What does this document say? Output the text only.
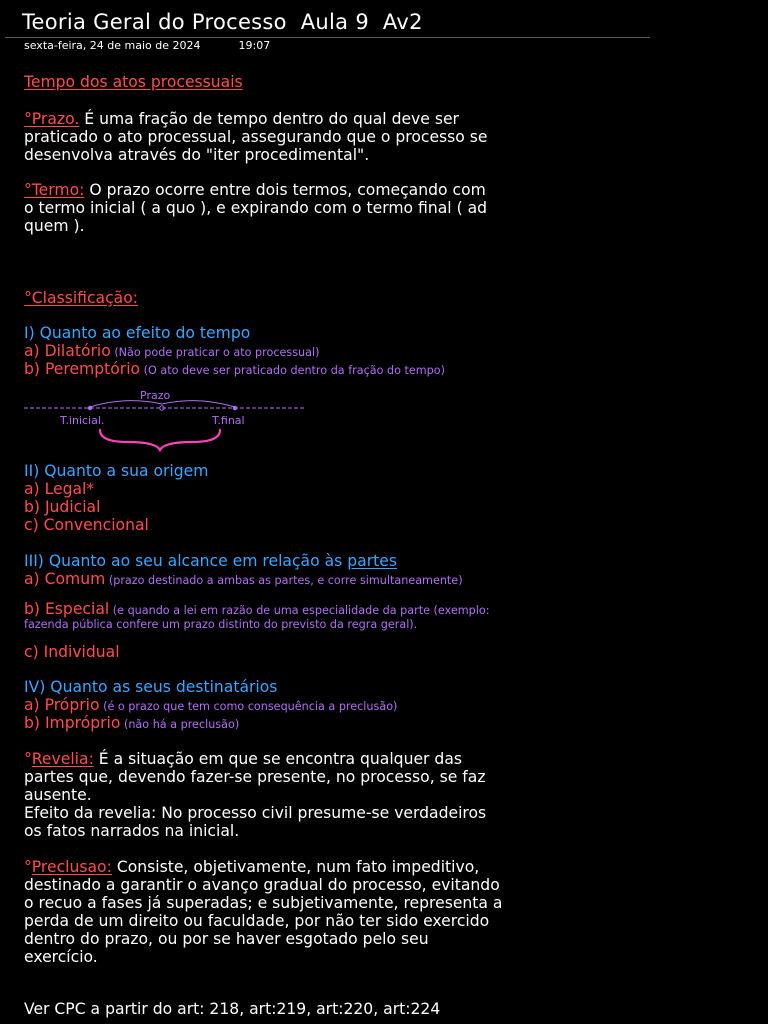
Teoria Geral do Processo  Aula 9  Av2
sexta-feira, 24 de maio de 2024	19:07
Tempo dos atos processuais
°Prazo. É uma fração de tempo dentro do qual deve ser
praticado o ato processual, assegurando que o processo se
desenvolva através do "iter procedimental".
°Termo: O prazo ocorre entre dois termos, começando com
o termo inicial ( a quo ), e expirando com o termo final ( ad
quem ).
°Classificação:
I) Quanto ao efeito do tempo
a) Dilatório (Não pode praticar o ato processual)
b) Peremptório (O ato deve ser praticado dentro da fração do tempo)
Prazo
T.inicial.	T.final
II) Quanto a sua origem
a) Legal*
b) Judicial
c) Convencional
III) Quanto ao seu alcance em relação às partes
a) Comum (prazo destinado a ambas as partes, e corre simultaneamente)
b) Especial (e quando a lei em razão de uma especialidade da parte (exemplo:
fazenda pública confere um prazo distinto do previsto da regra geral).
c) Individual
IV) Quanto as seus destinatários
a) Próprio (é o prazo que tem como consequência a preclusão)
b) Impróprio (não há a preclusão)
°Revelia: É a situação em que se encontra qualquer das
partes que, devendo fazer-se presente, no processo, se faz
ausente.
Efeito da revelia: No processo civil presume-se verdadeiros
os fatos narrados na inicial.
°Preclusao: Consiste, objetivamente, num fato impeditivo,
destinado a garantir o avanço gradual do processo, evitando
o recuo a fases já superadas; e subjetivamente, representa a
perda de um direito ou faculdade, por não ter sido exercido
dentro do prazo, ou por se haver esgotado pelo seu
exercício.
Ver CPC a partir do art: 218, art:219, art:220, art:224
